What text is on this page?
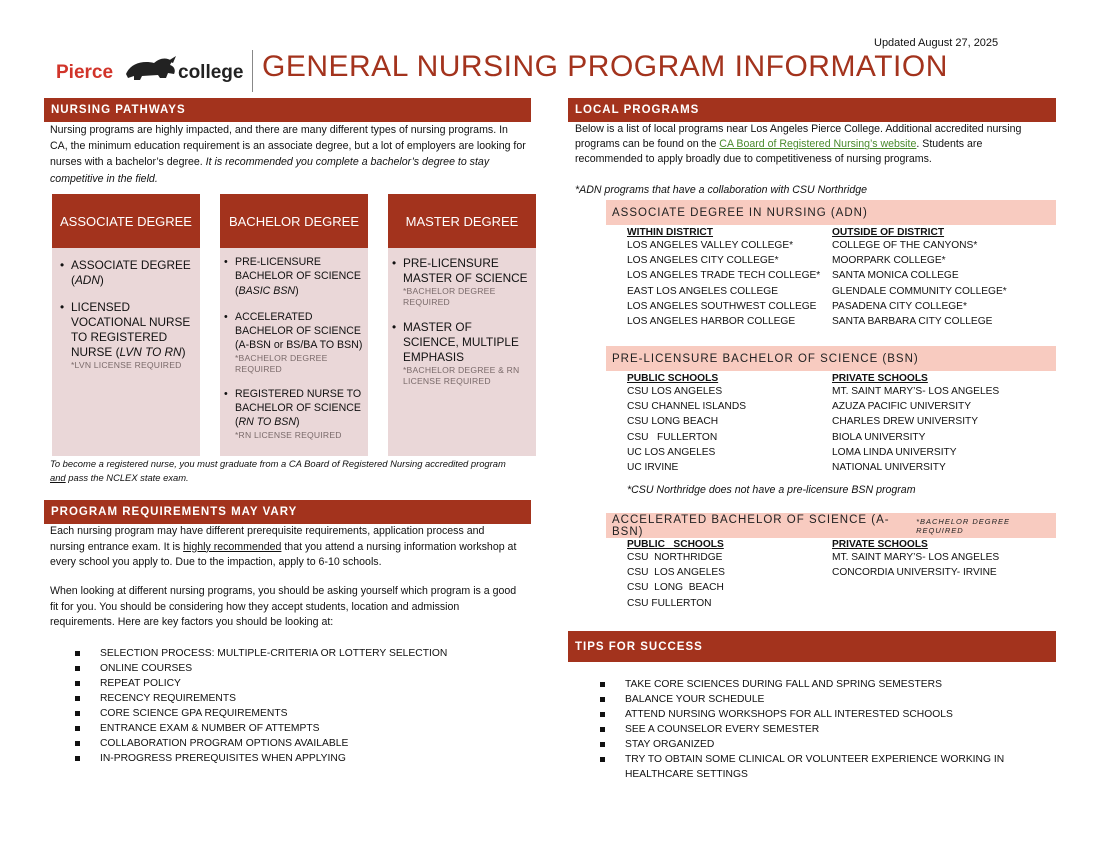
Updated August 27, 2025
Pierce	college GENERAL NURSING PROGRAM INFORMATION
NURSING PATHWAYS
Nursing programs are highly impacted, and there are many different types of nursing programs. In CA, the minimum education requirement is an associate degree, but a lot of employers are looking for nurses with a bachelor’s degree. It is recommended you complete a bachelor’s degree to stay competitive in the field.
ASSOCIATE DEGREE
• ASSOCIATE DEGREE (ADN)
• LICENSED VOCATIONAL NURSE TO REGISTERED NURSE (LVN TO RN)
*LVN LICENSE REQUIRED
BACHELOR DEGREE
• PRE-LICENSURE BACHELOR OF SCIENCE (BASIC BSN)
• ACCELERATED BACHELOR OF SCIENCE (A-BSN or BS/BA TO BSN)
*BACHELOR DEGREE REQUIRED
• REGISTERED NURSE TO BACHELOR OF SCIENCE (RN TO BSN)
*RN LICENSE REQUIRED
MASTER DEGREE
• PRE-LICENSURE MASTER OF SCIENCE
*BACHELOR DEGREE REQUIRED
• MASTER OF SCIENCE, MULTIPLE EMPHASIS
*BACHELOR DEGREE & RN LICENSE REQUIRED
To become a registered nurse, you must graduate from a CA Board of Registered Nursing accredited program and pass the NCLEX state exam.
PROGRAM REQUIREMENTS MAY VARY
Each nursing program may have different prerequisite requirements, application process and nursing entrance exam. It is highly recommended that you attend a nursing information workshop at every school you apply to. Due to the impaction, apply to 6-10 schools.
When looking at different nursing programs, you should be asking yourself which program is a good fit for you. You should be considering how they accept students, location and admission requirements. Here are key factors you should be looking at:
SELECTION PROCESS: MULTIPLE-CRITERIA OR LOTTERY SELECTION
ONLINE COURSES
REPEAT POLICY
RECENCY REQUIREMENTS
CORE SCIENCE GPA REQUIREMENTS
ENTRANCE EXAM & NUMBER OF ATTEMPTS
COLLABORATION PROGRAM OPTIONS AVAILABLE
IN-PROGRESS PREREQUISITES WHEN APPLYING
LOCAL PROGRAMS
Below is a list of local programs near Los Angeles Pierce College. Additional accredited nursing programs can be found on the CA Board of Registered Nursing’s website. Students are recommended to apply broadly due to competitiveness of nursing programs.
*ADN programs that have a collaboration with CSU Northridge
ASSOCIATE DEGREE IN NURSING (ADN)
WITHIN DISTRICT
LOS ANGELES VALLEY COLLEGE*
LOS ANGELES CITY COLLEGE*
LOS ANGELES TRADE TECH COLLEGE*
EAST LOS ANGELES COLLEGE
LOS ANGELES SOUTHWEST COLLEGE
LOS ANGELES HARBOR COLLEGE
OUTSIDE OF DISTRICT
COLLEGE OF THE CANYONS*
MOORPARK COLLEGE*
SANTA MONICA COLLEGE
GLENDALE COMMUNITY COLLEGE*
PASADENA CITY COLLEGE*
SANTA BARBARA CITY COLLEGE
PRE-LICENSURE BACHELOR OF SCIENCE (BSN)
PUBLIC SCHOOLS
CSU LOS ANGELES
CSU CHANNEL ISLANDS
CSU LONG BEACH
CSU   FULLERTON
UC LOS ANGELES
UC IRVINE
PRIVATE SCHOOLS
MT. SAINT MARY’S- LOS ANGELES
AZUZA PACIFIC UNIVERSITY
CHARLES DREW UNIVERSITY
BIOLA UNIVERSITY
LOMA LINDA UNIVERSITY
NATIONAL UNIVERSITY
*CSU Northridge does not have a pre-licensure BSN program
ACCELERATED BACHELOR OF SCIENCE (A-BSN)
*BACHELOR DEGREE REQUIRED
PUBLIC   SCHOOLS
CSU  NORTHRIDGE
CSU  LOS ANGELES
CSU  LONG  BEACH
CSU FULLERTON
PRIVATE SCHOOLS
MT. SAINT MARY’S- LOS ANGELES
CONCORDIA UNIVERSITY- IRVINE
TIPS FOR SUCCESS
TAKE CORE SCIENCES DURING FALL AND SPRING SEMESTERS
BALANCE YOUR SCHEDULE
ATTEND NURSING WORKSHOPS FOR ALL INTERESTED SCHOOLS
SEE A COUNSELOR EVERY SEMESTER
STAY ORGANIZED
TRY TO OBTAIN SOME CLINICAL OR VOLUNTEER EXPERIENCE WORKING IN HEALTHCARE SETTINGS
